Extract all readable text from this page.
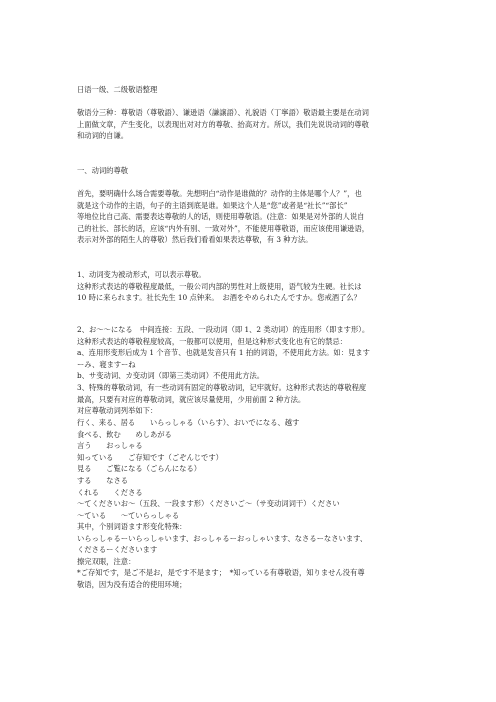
日语一级、二级敬语整理
敬语分三种：尊敬语（尊敬語）、谦逊语（謙譲語）、礼貌语（丁寧語）敬语最主要是在动词
上面做文章，产生变化，以表现出对对方的尊敬、抬高对方。所以，我们先说说动词的尊敬
和动词的自谦。
一、动词的尊敬
首先，要明确什么场合需要尊敬。先想明白“动作是谁做的？动作的主体是哪个人？”，也
就是这个动作的主语，句子的主语到底是谁。如果这个人是“您”或者是“社长”“部长”
等地位比自己高、需要表达尊敬的人的话，则使用尊敬语。(注意：如果是对外部的人说自
己的社长、部长的话，应该“内外有别、一致对外”，不能使用尊敬语，而应该使用谦逊语，
表示对外部的陌生人的尊敬）然后我们看看如果表达尊敬，有 3 种方法。
1、动词变为被动形式，可以表示尊敬。
这种形式表达的尊敬程度最低，一般公司内部的男性对上级使用，语气较为生硬。社长は
10 時に来られます。社长先生 10 点钟来。　お酒をやめられたんですか。您戒酒了么？
2、お～～になる　中间连接：五段、一段动词（即 1、2 类动词）的连用形（即ます形）。
这种形式表达的尊敬程度较高，一般都可以使用，但是这种形式变化也有它的禁忌：
a、连用形变形后成为 1 个音节、也就是发音只有 1 拍的词语，不使用此方法。如：見ます
ーみ、寝ますーね
b、サ变动词、カ变动词（即第三类动词）不使用此方法。
3、特殊的尊敬动词，有一些动词有固定的尊敬动词，记牢就好。这种形式表达的尊敬程度
最高，只要有对应的尊敬动词，就应该尽量使用，少用前面 2 种方法。
对应尊敬动词列举如下：
行く、来る、居る　　いらっしゃる（いらす）、おいでになる、越す
食べる、飲む　　めしあがる
言う　　おっしゃる
知っている　　ご存知です（ごぞんじです）
見る　　ご覧になる（ごらんになる）
する　　なさる
くれる　　くださる
～てくださいお～（五段、一段ます形）くださいご～（サ变动词词干）ください
～ている　　～ていらっしゃる
其中，个别词语ます形变化特殊：
いらっしゃるーいらっしゃいます、おっしゃるーおっしゃいます、なさるーなさいます、
くださるーくださいます
擦完双眼，注意：
*ご存知です，是ご不是お，是です不是ます；　*知っている有尊敬语，知りません没有尊
敬语，因为没有适合的使用环境；
